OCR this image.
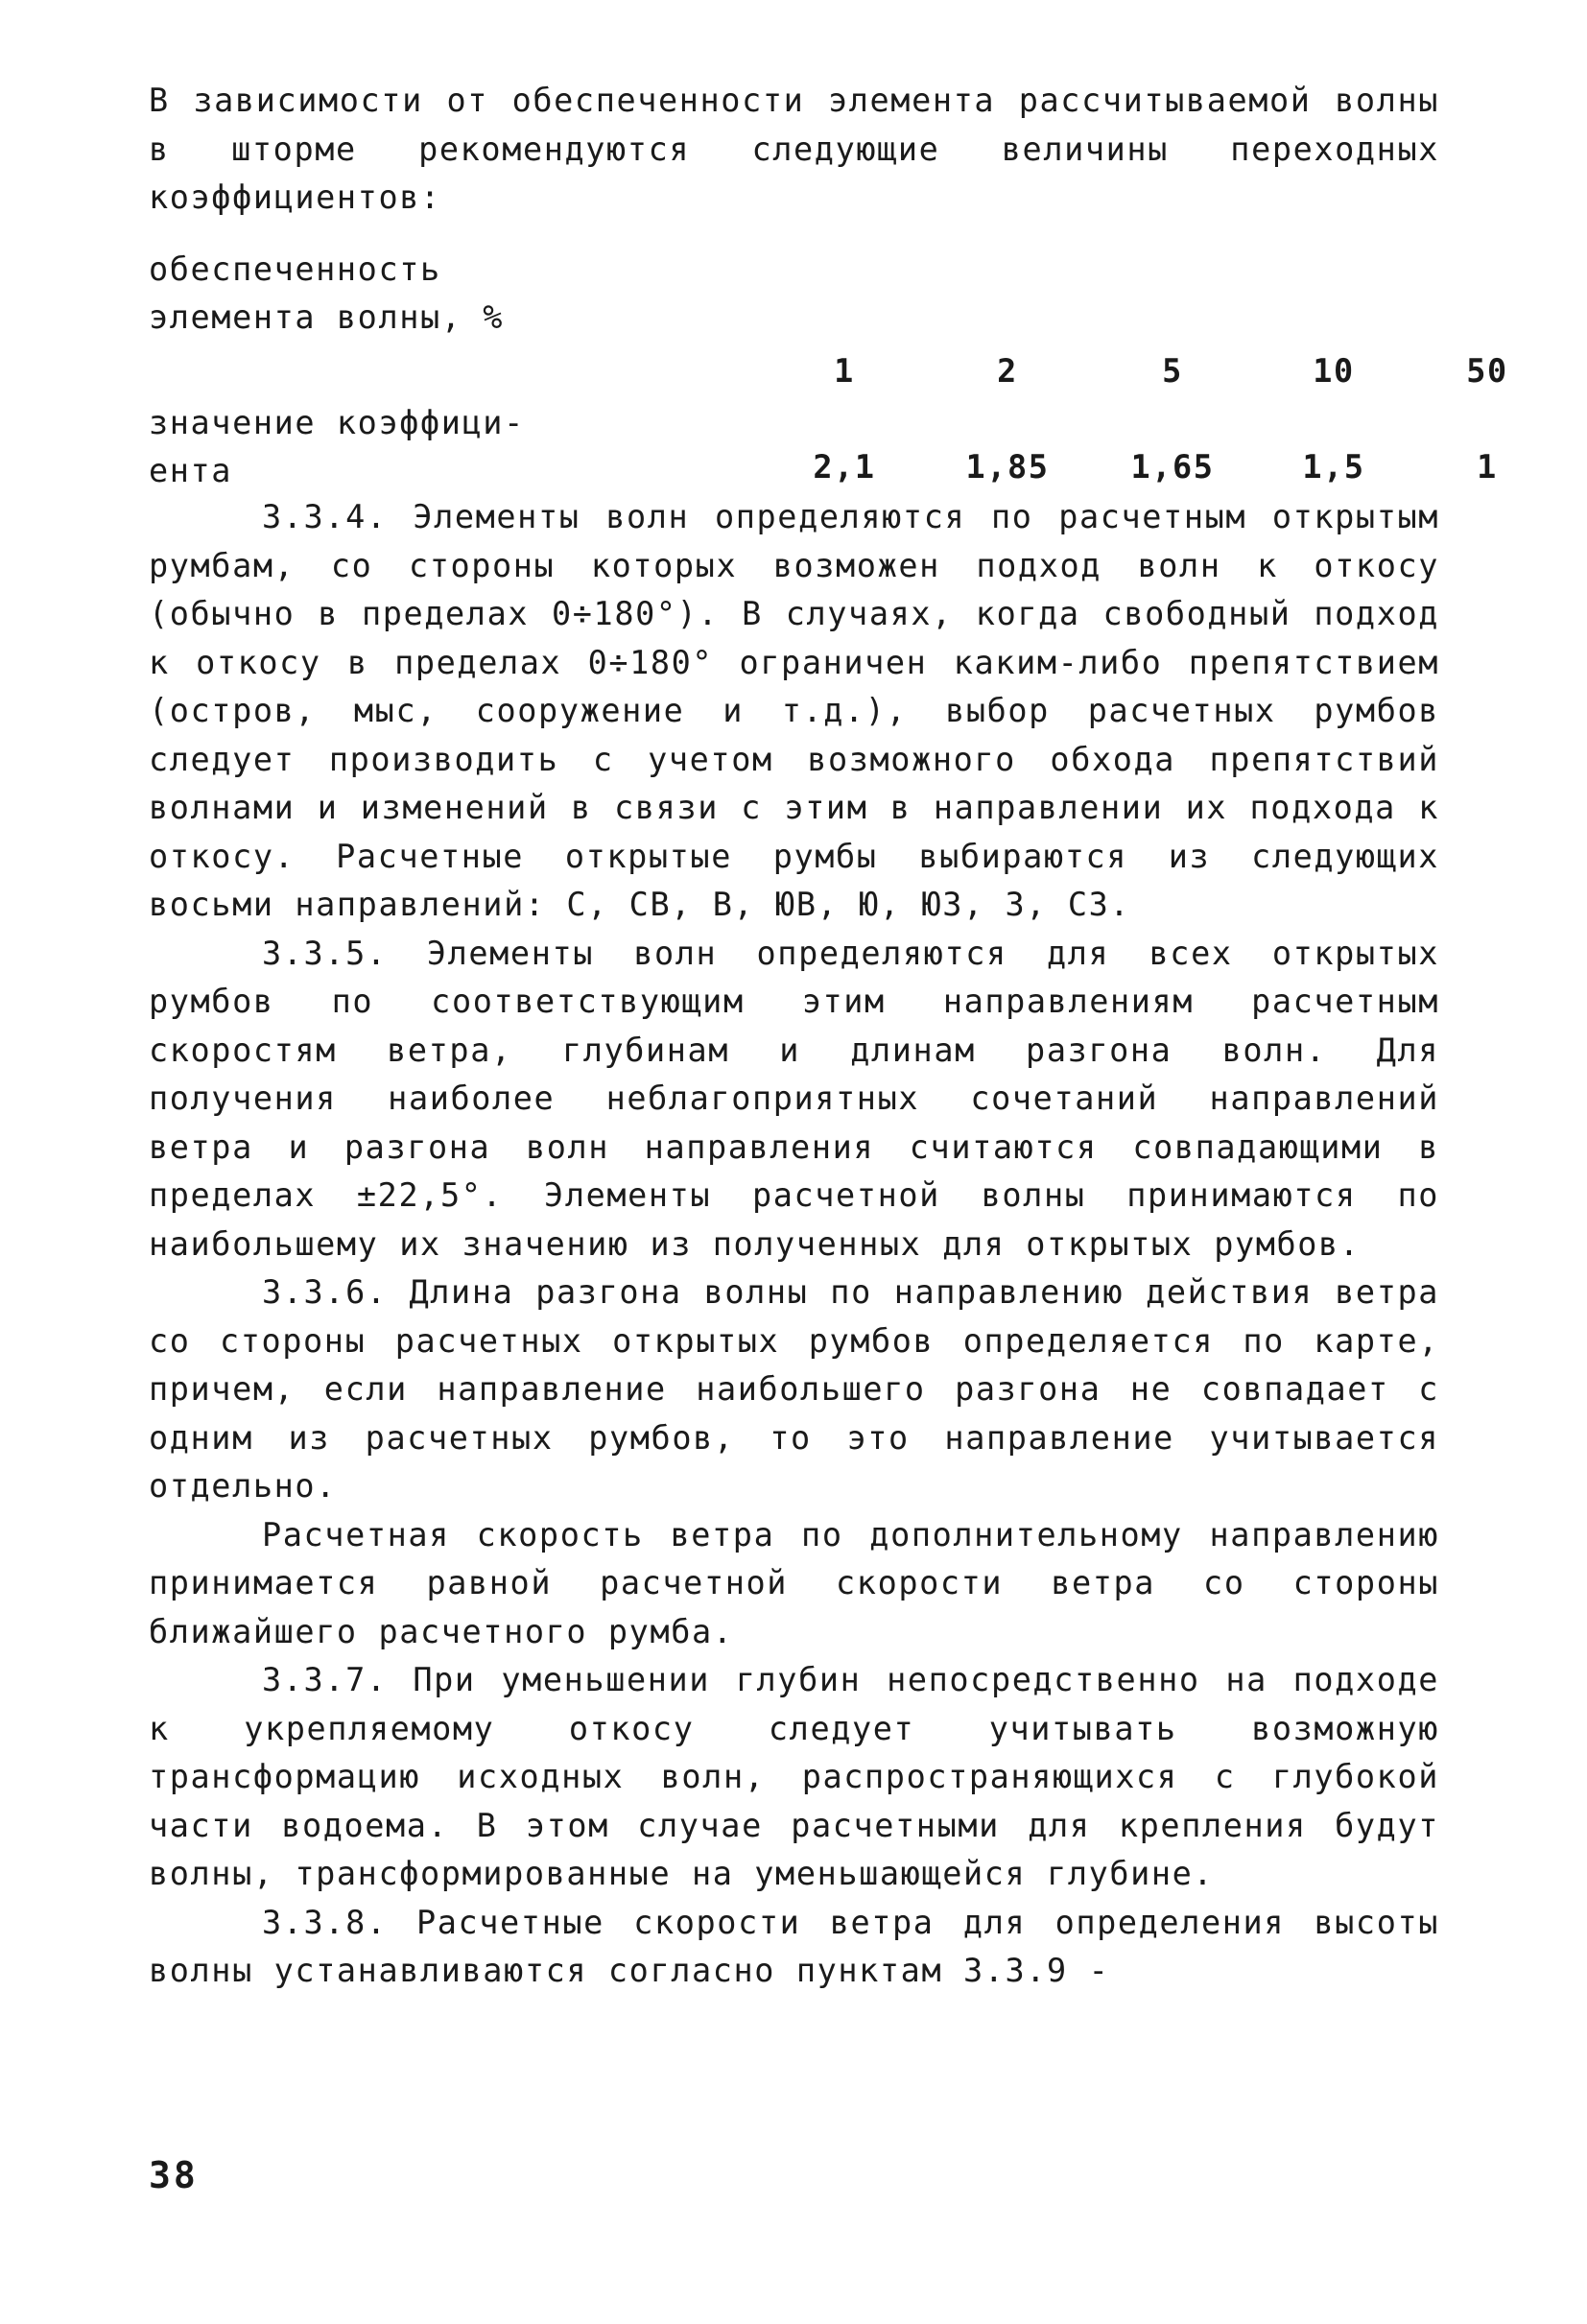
В зависимости от обеспеченности элемента рассчитываемой волны в шторме рекомендуются следующие величины переходных коэффициентов:

обеспеченность
элемента волны, %
1	2	5	10	50
значение коэффици-
ента	2,1	1,85	1,65	1,5	1

3.3.4. Элементы волн определяются по расчетным открытым румбам, со стороны которых возможен подход волн к откосу (обычно в пределах 0÷180°). В случаях, когда свободный подход к откосу в пределах 0÷180° ограничен каким-либо препятствием (остров, мыс, сооружение и т.д.), выбор расчетных румбов следует производить с учетом возможного обхода препятствий волнами и изменений в связи с этим в направлении их подхода к откосу. Расчетные открытые румбы выбираются из следующих восьми направлений: С, СВ, В, ЮВ, Ю, ЮЗ, З, СЗ.

3.3.5. Элементы волн определяются для всех открытых румбов по соответствующим этим направлениям расчетным скоростям ветра, глубинам и длинам разгона волн. Для получения наиболее неблагоприятных сочетаний направлений ветра и разгона волн направления считаются совпадающими в пределах ±22,5°. Элементы расчетной волны принимаются по наибольшему их значению из полученных для открытых румбов.

3.3.6. Длина разгона волны по направлению действия ветра со стороны расчетных открытых румбов определяется по карте, причем, если направление наибольшего разгона не совпадает с одним из расчетных румбов, то это направление учитывается отдельно.

Расчетная скорость ветра по дополнительному направлению принимается равной расчетной скорости ветра со стороны ближайшего расчетного румба.

3.3.7. При уменьшении глубин непосредственно на подходе к укрепляемому откосу следует учитывать возможную трансформацию исходных волн, распространяющихся с глубокой части водоема. В этом случае расчетными для крепления будут волны, трансформированные на уменьшающейся глубине.

3.3.8. Расчетные скорости ветра для определения высоты волны устанавливаются согласно пунктам 3.3.9 -

38
